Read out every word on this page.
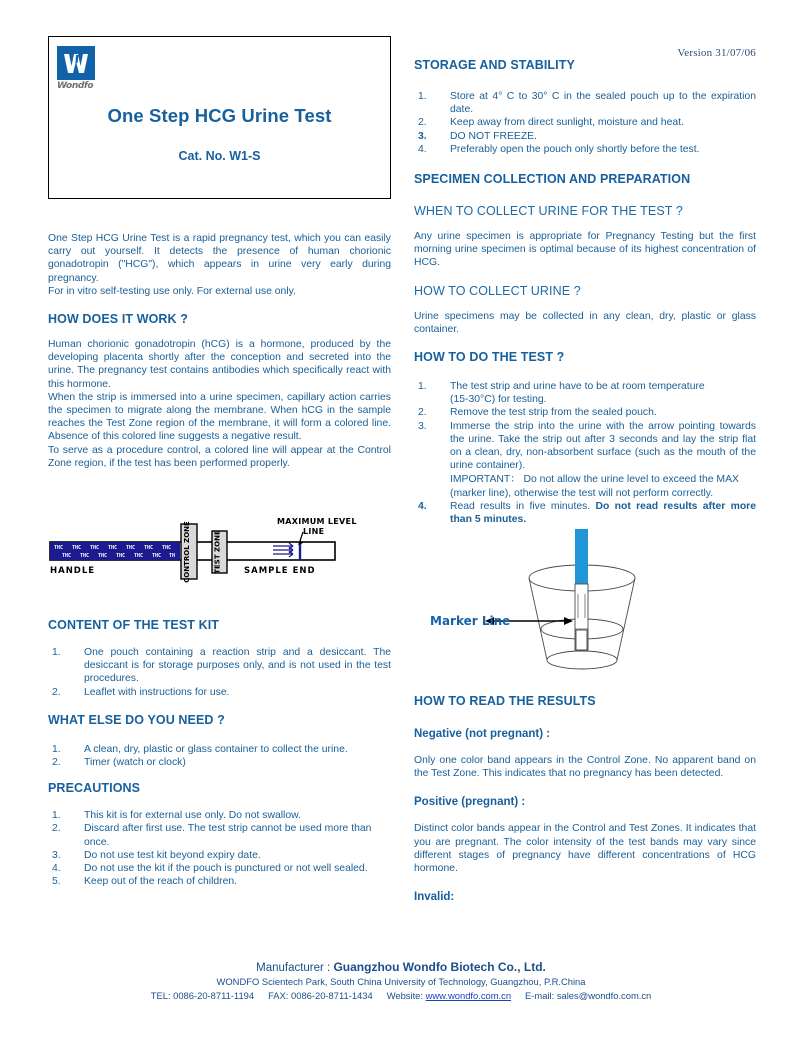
Version 31/07/06
Wondfo
One Step HCG Urine Test
Cat. No. W1-S

One Step HCG Urine Test is a rapid pregnancy test, which you can easily carry out yourself. It detects the presence of human chorionic gonadotropin ("HCG"), which appears in urine very early during pregnancy.

For in vitro self-testing use only. For external use only.

HOW DOES IT WORK ?

Human chorionic gonadotropin (hCG) is a hormone, produced by the developing placenta shortly after the conception and secreted into the urine. The pregnancy test contains antibodies which specifically react with this hormone.

When the strip is immersed into a urine specimen, capillary action carries the specimen to migrate along the membrane. When hCG in the sample reaches the Test Zone region of the membrane, it will form a colored line. Absence of this colored line suggests a negative result.

To serve as a procedure control, a colored line will appear at the Control Zone region, if the test has been performed properly.

THC THC THC THC THC THC THC
THC THC THC THC THC THC TH CONTROL ZONE	TEST ZONE
HANDLE	SAMPLE END
MAXIMUM LEVEL
LINE
CONTENT OF THE TEST KIT
1. One pouch containing a reaction strip and a desiccant. The desiccant is for storage purposes only, and is not used in the test procedures.
2. Leaflet with instructions for use.
WHAT ELSE DO YOU NEED ?
1. A clean, dry, plastic or glass container to collect the urine.
2. Timer (watch or clock)
PRECAUTIONS
1. This kit is for external use only. Do not swallow.
2. Discard after first use. The test strip cannot be used more than once.
3. Do not use test kit beyond expiry date.
4. Do not use the kit if the pouch is punctured or not well sealed.
5. Keep out of the reach of children.
STORAGE AND STABILITY
1. Store at 4° C to 30° C in the sealed pouch up to the expiration date.
2. Keep away from direct sunlight, moisture and heat.
3. DO NOT FREEZE.
4. Preferably open the pouch only shortly before the test.
SPECIMEN COLLECTION AND PREPARATION
WHEN TO COLLECT URINE FOR THE TEST ?

Any urine specimen is appropriate for Pregnancy Testing but the first morning urine specimen is optimal because of its highest concentration of HCG.

HOW TO COLLECT URINE ?

Urine specimens may be collected in any clean, dry, plastic or glass container.

HOW TO DO THE TEST ?
1. The test strip and urine have to be at room temperature
(15-30°C) for testing.
2. Remove the test strip from the sealed pouch.
3. Immerse the strip into the urine with the arrow pointing towards the urine. Take the strip out after 3 seconds and lay the strip flat on a clean, dry, non-absorbent surface (such as the mouth of the urine container).
IMPORTANT： Do not allow the urine level to exceed the MAX (marker line), otherwise the test will not perform correctly.
4. Read results in five minutes. Do not read results after more than 5 minutes.
Marker Line
HOW TO READ THE RESULTS
Negative (not pregnant) :

Only one color band appears in the Control Zone. No apparent band on the Test Zone. This indicates that no pregnancy has been detected.

Positive (pregnant) :

Distinct color bands appear in the Control and Test Zones. It indicates that you are pregnant. The color intensity of the test bands may vary since different stages of pregnancy have different concentrations of HCG hormone.

Invalid:
Manufacturer : Guangzhou Wondfo Biotech Co., Ltd.
WONDFO Scientech Park, South China University of Technology, Guangzhou, P.R.China
TEL: 0086-20-8711-1194 FAX: 0086-20-8711-1434 Website: www.wondfo.com.cn E-mail: sales@wondfo.com.cn
